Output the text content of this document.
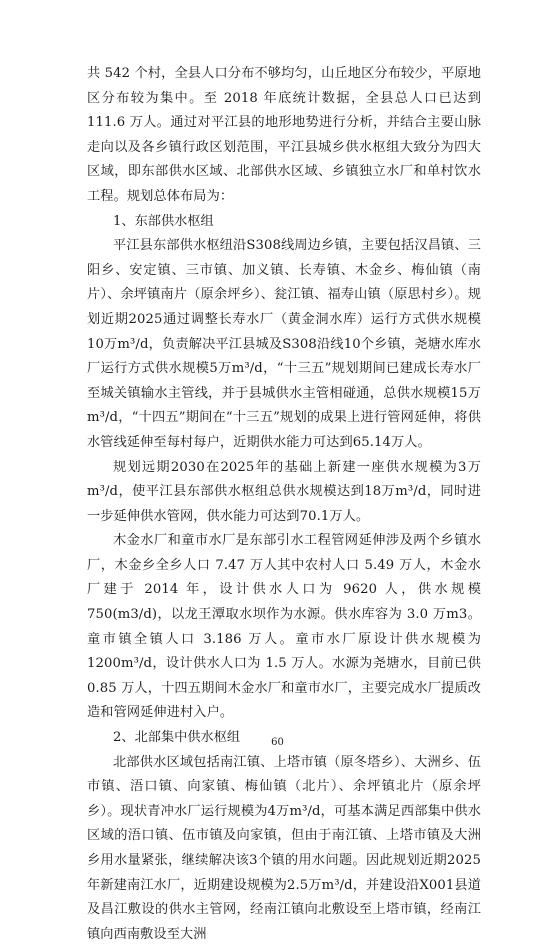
共 542 个村，全县人口分布不够均匀，山丘地区分布较少，平原地区分布较为集中。至 2018 年底统计数据，全县总人口已达到 111.6 万人。通过对平江县的地形地势进行分析，并结合主要山脉走向以及各乡镇行政区划范围，平江县城乡供水枢组大致分为四大区域，即东部供水区域、北部供水区域、乡镇独立水厂和单村饮水工程。规划总体布局为：

1、东部供水枢组

平江县东部供水枢纽沿S308线周边乡镇，主要包括汉昌镇、三阳乡、安定镇、三市镇、加义镇、长寿镇、木金乡、梅仙镇（南片）、余坪镇南片（原余坪乡）、瓮江镇、福寿山镇（原思村乡）。规划近期2025通过调整长寿水厂（黄金洞水库）运行方式供水规模10万m³/d，负责解决平江县城及S308沿线10个乡镇，尧塘水库水厂运行方式供水规模5万m³/d，“十三五”规划期间已建成长寿水厂至城关镇输水主管线，并于县城供水主管相碰通，总供水规模15万m³/d，“十四五”期间在“十三五”规划的成果上进行管网延伸，将供水管线延伸至每村每户，近期供水能力可达到65.14万人。

规划远期2030在2025年的基础上新建一座供水规模为3万m³/d，使平江县东部供水枢组总供水规模达到18万m³/d，同时进一步延伸供水管网，供水能力可达到70.1万人。

木金水厂和童市水厂是东部引水工程管网延伸涉及两个乡镇水厂，木金乡全乡人口 7.47 万人其中农村人口 5.49 万人，木金水厂建于 2014 年，设计供水人口为 9620 人，供水规模 750(m3/d)，以龙王潭取水坝作为水源。供水库容为 3.0 万m3。童市镇全镇人口 3.186 万人。童市水厂原设计供水规模为 1200m³/d，设计供水人口为 1.5 万人。水源为尧塘水，目前已供 0.85 万人，十四五期间木金水厂和童市水厂，主要完成水厂提质改造和管网延伸进村入户。

2、北部集中供水枢组

北部供水区域包括南江镇、上塔市镇（原冬塔乡）、大洲乡、伍市镇、浯口镇、向家镇、梅仙镇（北片）、余坪镇北片（原余坪乡）。现状青冲水厂运行规模为4万m³/d，可基本满足西部集中供水区域的浯口镇、伍市镇及向家镇，但由于南江镇、上塔市镇及大洲乡用水量紧张，继续解决该3个镇的用水问题。因此规划近期2025年新建南江水厂，近期建设规模为2.5万m³/d，并建设沿X001县道及昌江敷设的供水主管网，经南江镇向北敷设至上塔市镇，经南江镇向西南敷设至大洲

60
